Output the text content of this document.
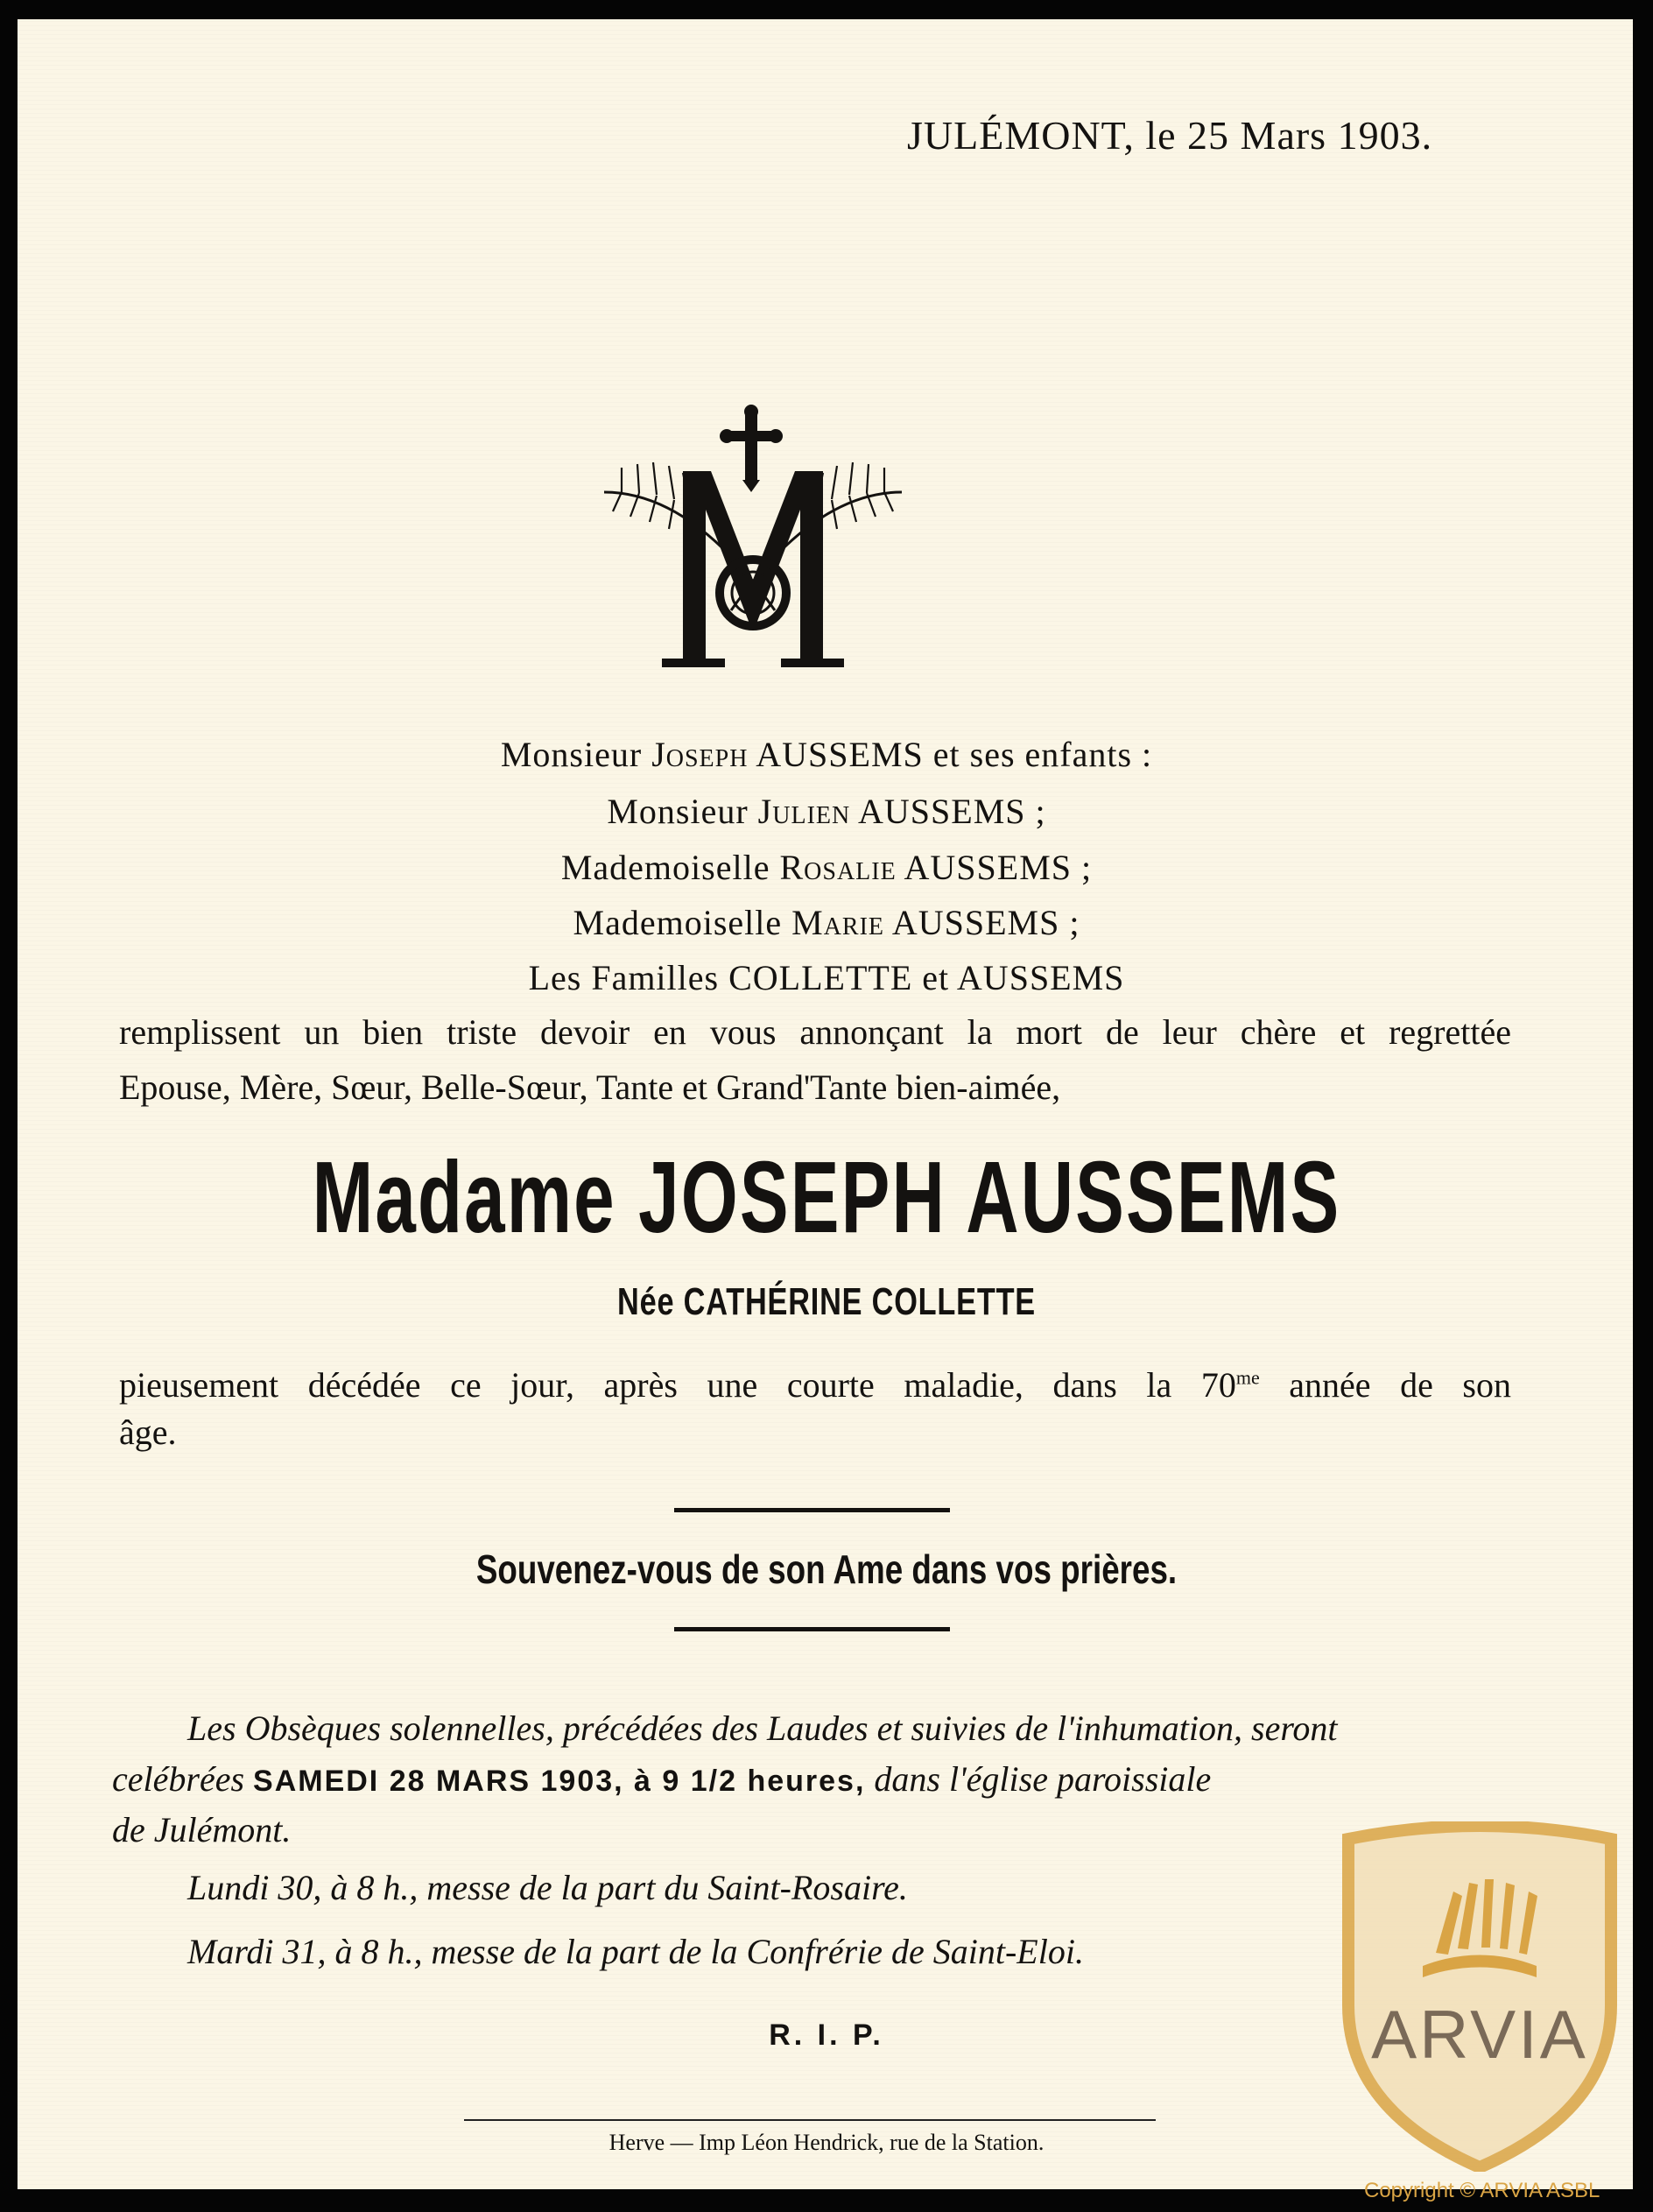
JULÉMONT, le 25 Mars 1903.
Monsieur Joseph AUSSEMS et ses enfants :
Monsieur Julien AUSSEMS ;
Mademoiselle Rosalie AUSSEMS ;
Mademoiselle Marie AUSSEMS ;
Les Familles COLLETTE et AUSSEMS
remplissent un bien triste devoir en vous annonçant la mort de leur chère et regrettée
Epouse, Mère, Sœur, Belle-Sœur, Tante et Grand'Tante bien-aimée,
Madame JOSEPH AUSSEMS
Née CATHÉRINE COLLETTE
pieusement décédée ce jour, après une courte maladie, dans la $70^{me}$ année de son
âge.
Souvenez-vous de son Ame dans vos prières.
Les Obsèques solennelles, précédées des Laudes et suivies de l'inhumation, seront
celébrées SAMEDI 28 MARS 1903, à 9 1/2 heures, dans l'église paroissiale
de Julémont.
Lundi 30, à 8 h., messe de la part du Saint-Rosaire.
Mardi 31, à 8 h., messe de la part de la Confrérie de Saint-Eloi.
R. I. P.
Herve — Imp Léon Hendrick, rue de la Station.
ARVIA
Copyright © ARVIA ASBL
